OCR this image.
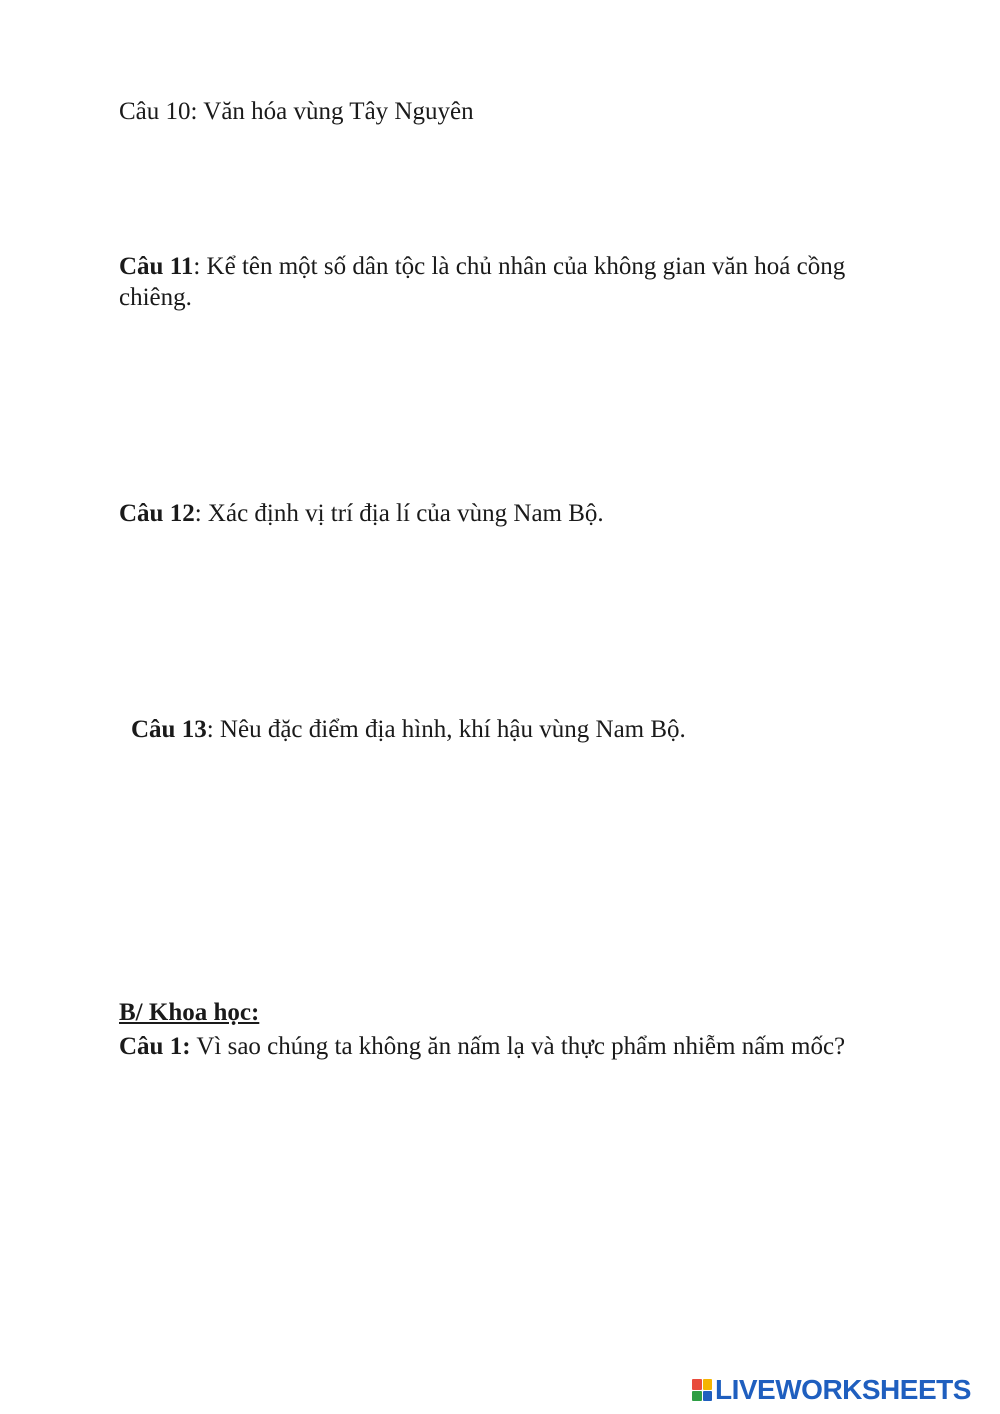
Câu 10: Văn hóa vùng Tây Nguyên
Câu 11: Kể tên một số dân tộc là chủ nhân của không gian văn hoá cồng
chiêng.
Câu 12: Xác định vị trí địa lí của vùng Nam Bộ.
Câu 13: Nêu đặc điểm địa hình, khí hậu vùng Nam Bộ.
B/ Khoa học:
Câu 1: Vì sao chúng ta không ăn nấm lạ và thực phẩm nhiễm nấm mốc?
LIVEWORKSHEETS
